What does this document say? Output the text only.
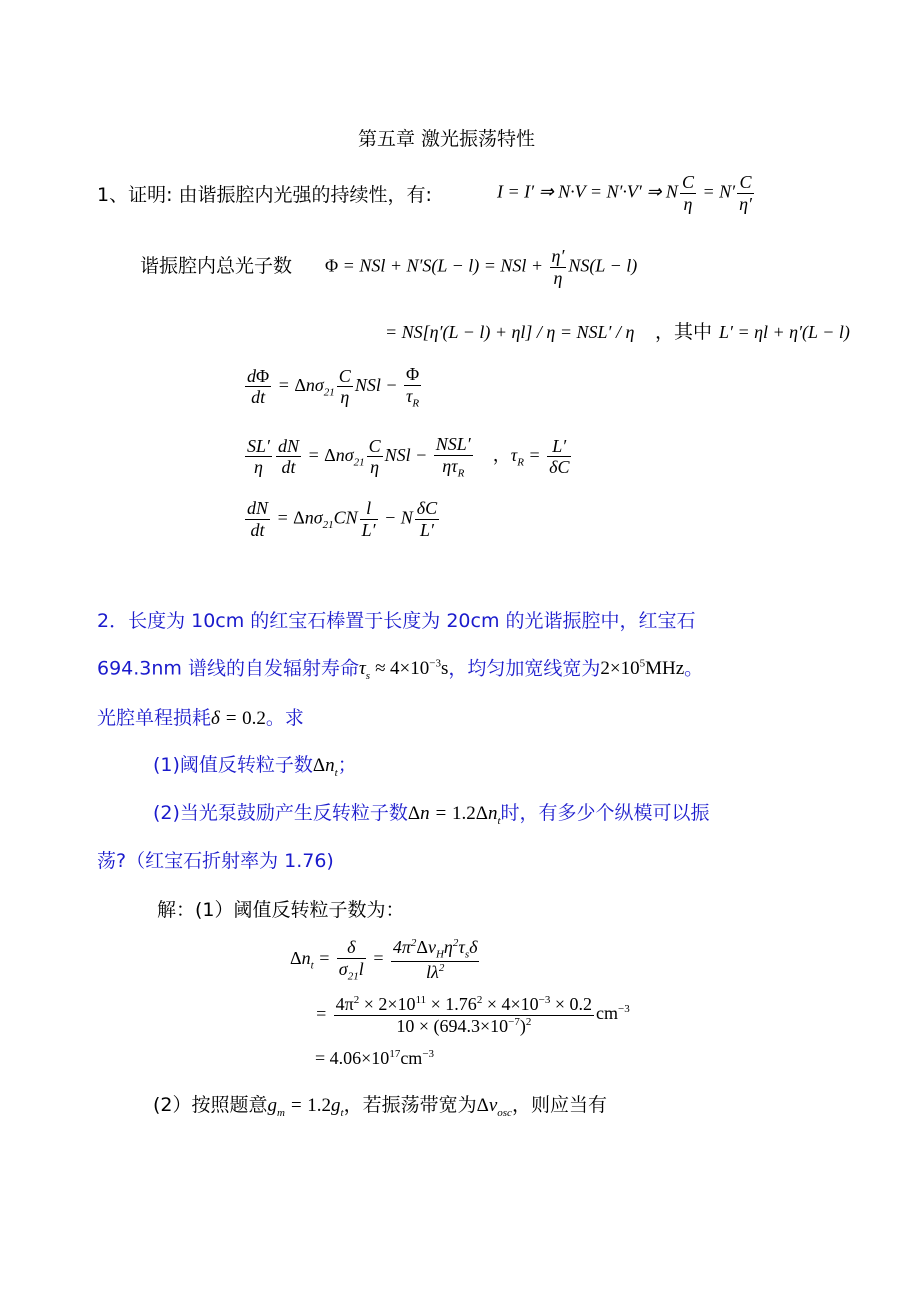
第五章 激光振荡特性
1、证明: 由谐振腔内光强的持续性，有:	I = I′ ⇒ N·V = N′·V′ ⇒ N $\frac{C}{\eta} = N' \frac{C}{\eta'}$
谐振腔内总光子数 Φ = NSl + N′S(L − l) = NSl + $\frac{\eta'}{\eta} NS(L - l)$
= NS[η′(L − l) + ηl] / η = NSL′ / η ，其中 L′ = ηl + η′(L − l)
$\frac{d\Phi}{dt} = \Delta n\sigma_{21} \frac{C}{\eta}$ NSl − $\frac{\Phi}{\tau_R}$
$\frac{SL'}{\eta} \frac{dN}{dt} = \Delta n\sigma_{21} \frac{C}{\eta}$ NSl − $\frac{\text{NSL′}}{\eta\tau_R}$ ，$\tau_R = \frac{L'}{\delta C}$
$\frac{dN}{dt} = \Delta n\sigma_{21}CN \frac{l}{L'} - N \frac{\delta C}{L'}$
2．长度为 10cm 的红宝石棒置于长度为 20cm 的光谐振腔中，红宝石
694.3nm 谱线的自发辐射寿命$\tau_s \approx 4\times 10^{-3}s$，均匀加宽线宽为$2\times 10^5MHz$。
光腔单程损耗δ = 0.2。求
(1)阈值反转粒子数$\Delta n_t$；
(2)当光泵鼓励产生反转粒子数$\Delta n = 1.2\Delta n_t$时，有多少个纵模可以振
荡?（红宝石折射率为 1.76)
解：(1）阈值反转粒子数为：
$\Delta n_t = \frac{\delta}{\sigma_{21}l} = \frac{4\pi^2\Delta\nu_H\eta^2\tau_s\delta}{l\lambda^2}$
= $\frac{4\pi^2 \times 2\times 10^{11} \times 1.76^2 \times 4\times 10^{-3} \times 0.2}{10 \times (694.3\times 10^{-7})^2} cm^{-3}$
= $4.06\times 10^{17}cm^{-3}$
(2）按照题意$g_m = 1.2g_t$，若振荡带宽为$\Delta\nu_{osc}$，则应当有
